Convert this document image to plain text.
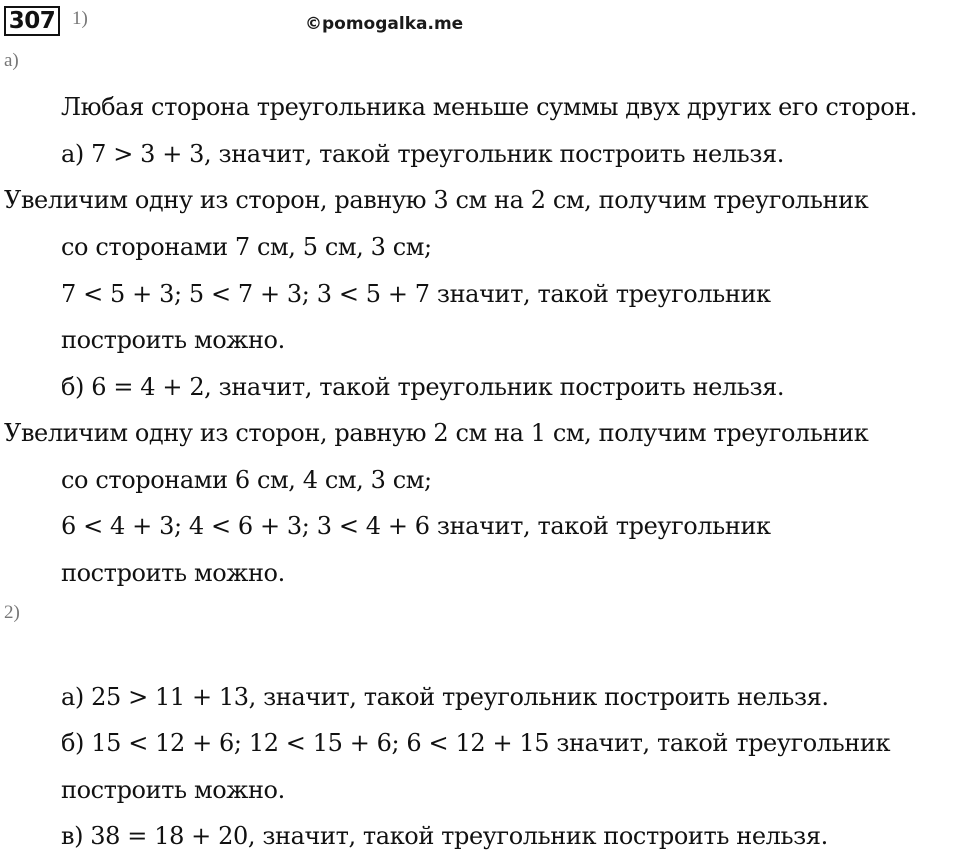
307 1)	©pomogalka.me
а)
Любая сторона треугольника меньше суммы двух других его сторон.
а) 7 > 3 + 3, значит, такой треугольник построить нельзя.
Увеличим одну из сторон, равную 3 см на 2 см, получим треугольник
со сторонами 7 см, 5 см, 3 см;
7 < 5 + 3; 5 < 7 + 3; 3 < 5 + 7 значит, такой треугольник
построить можно.
б) 6 = 4 + 2, значит, такой треугольник построить нельзя.
Увеличим одну из сторон, равную 2 см на 1 см, получим треугольник
со сторонами 6 см, 4 см, 3 см;
6 < 4 + 3; 4 < 6 + 3; 3 < 4 + 6 значит, такой треугольник
построить можно.
2)
а) 25 > 11 + 13, значит, такой треугольник построить нельзя.
б) 15 < 12 + 6; 12 < 15 + 6; 6 < 12 + 15 значит, такой треугольник
построить можно.
в) 38 = 18 + 20, значит, такой треугольник построить нельзя.
